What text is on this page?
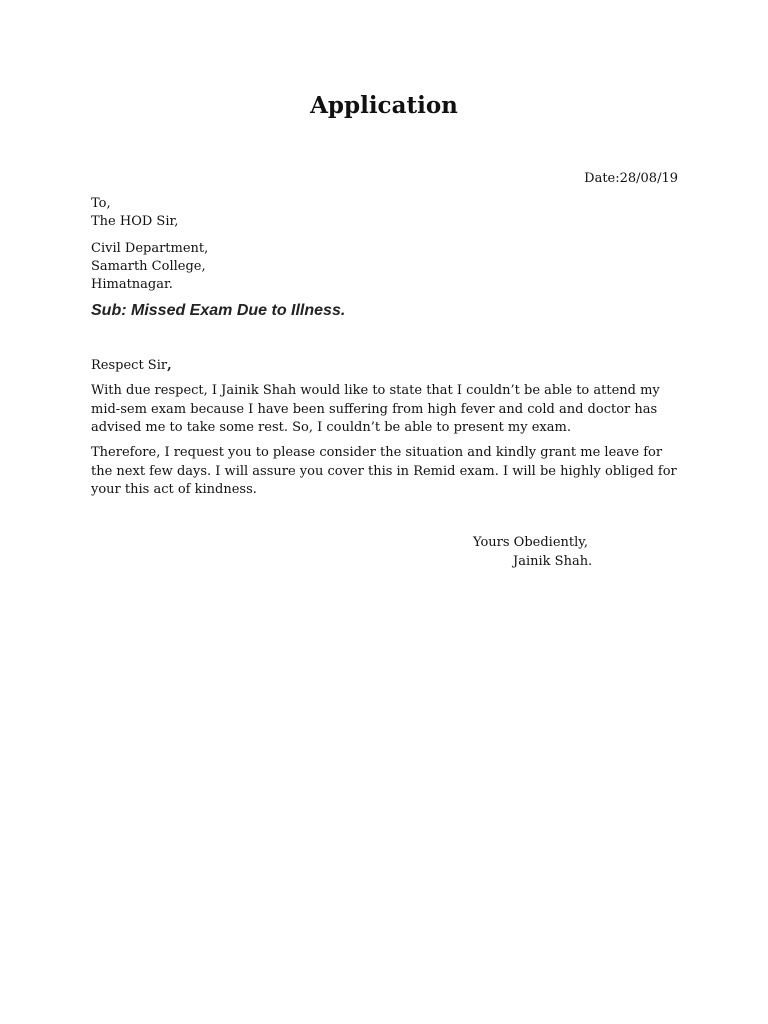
Application
Date:28/08/19
To,
The HOD Sir,
Civil Department,
Samarth College,
Himatnagar.
Sub: Missed Exam Due to Illness.
Respect Sir,
With due respect, I Jainik Shah would like to state that I couldn’t be able to attend my mid-sem exam because I have been suffering from high fever and cold and doctor has advised me to take some rest. So, I couldn’t be able to present my exam.
Therefore, I request you to please consider the situation and kindly grant me leave for the next few days. I will assure you cover this in Remid exam. I will be highly obliged for your this act of kindness.
Yours Obediently,
Jainik Shah.
